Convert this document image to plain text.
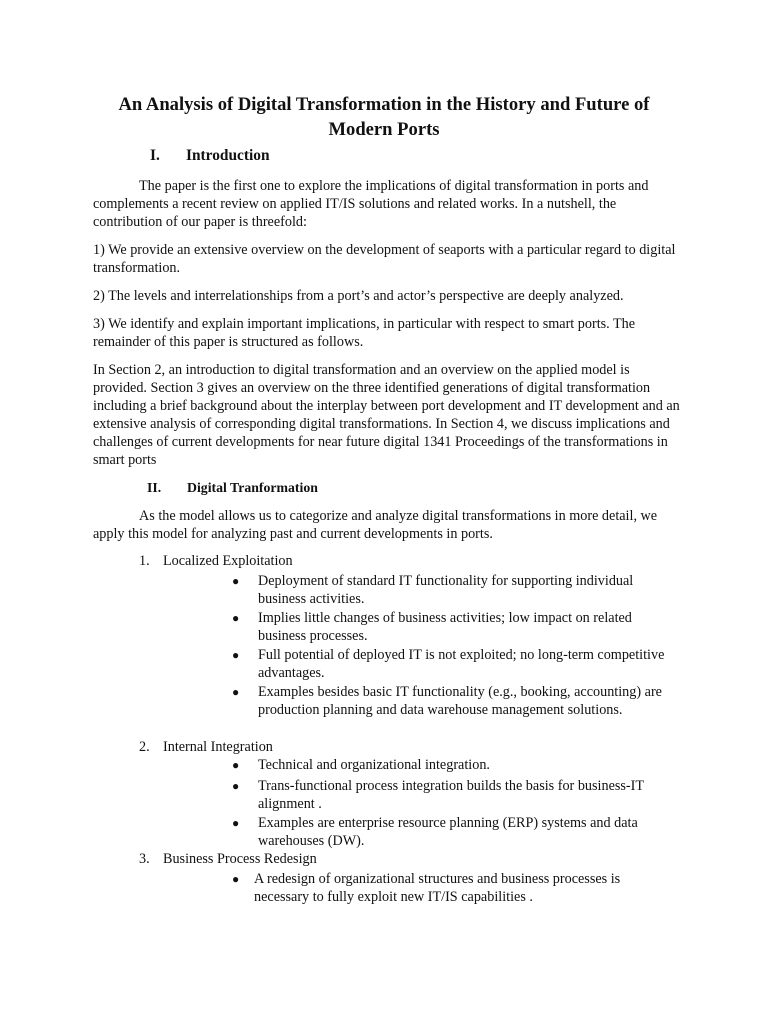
An Analysis of Digital Transformation in the History and Future of Modern Ports
I. Introduction

The paper is the first one to explore the implications of digital transformation in ports and complements a recent review on applied IT/IS solutions and related works. In a nutshell, the contribution of our paper is threefold:

1) We provide an extensive overview on the development of seaports with a particular regard to digital transformation.

2) The levels and interrelationships from a port’s and actor’s perspective are deeply analyzed.

3) We identify and explain important implications, in particular with respect to smart ports. The remainder of this paper is structured as follows.

In Section 2, an introduction to digital transformation and an overview on the applied model is provided. Section 3 gives an overview on the three identified generations of digital transformation including a brief background about the interplay between port development and IT development and an extensive analysis of corresponding digital transformations. In Section 4, we discuss implications and challenges of current developments for near future digital 1341 Proceedings of the transformations in smart ports

II. Digital Tranformation

As the model allows us to categorize and analyze digital transformations in more detail, we apply this model for analyzing past and current developments in ports.

1. Localized Exploitation
● Deployment of standard IT functionality for supporting individual business activities.
● Implies little changes of business activities; low impact on related business processes.
● Full potential of deployed IT is not exploited; no long-term competitive advantages.
● Examples besides basic IT functionality (e.g., booking, accounting) are production planning and data warehouse management solutions.
2. Internal Integration
● Technical and organizational integration.
● Trans-functional process integration builds the basis for business-IT alignment .
● Examples are enterprise resource planning (ERP) systems and data warehouses (DW).
3. Business Process Redesign
● A redesign of organizational structures and business processes is necessary to fully exploit new IT/IS capabilities .
